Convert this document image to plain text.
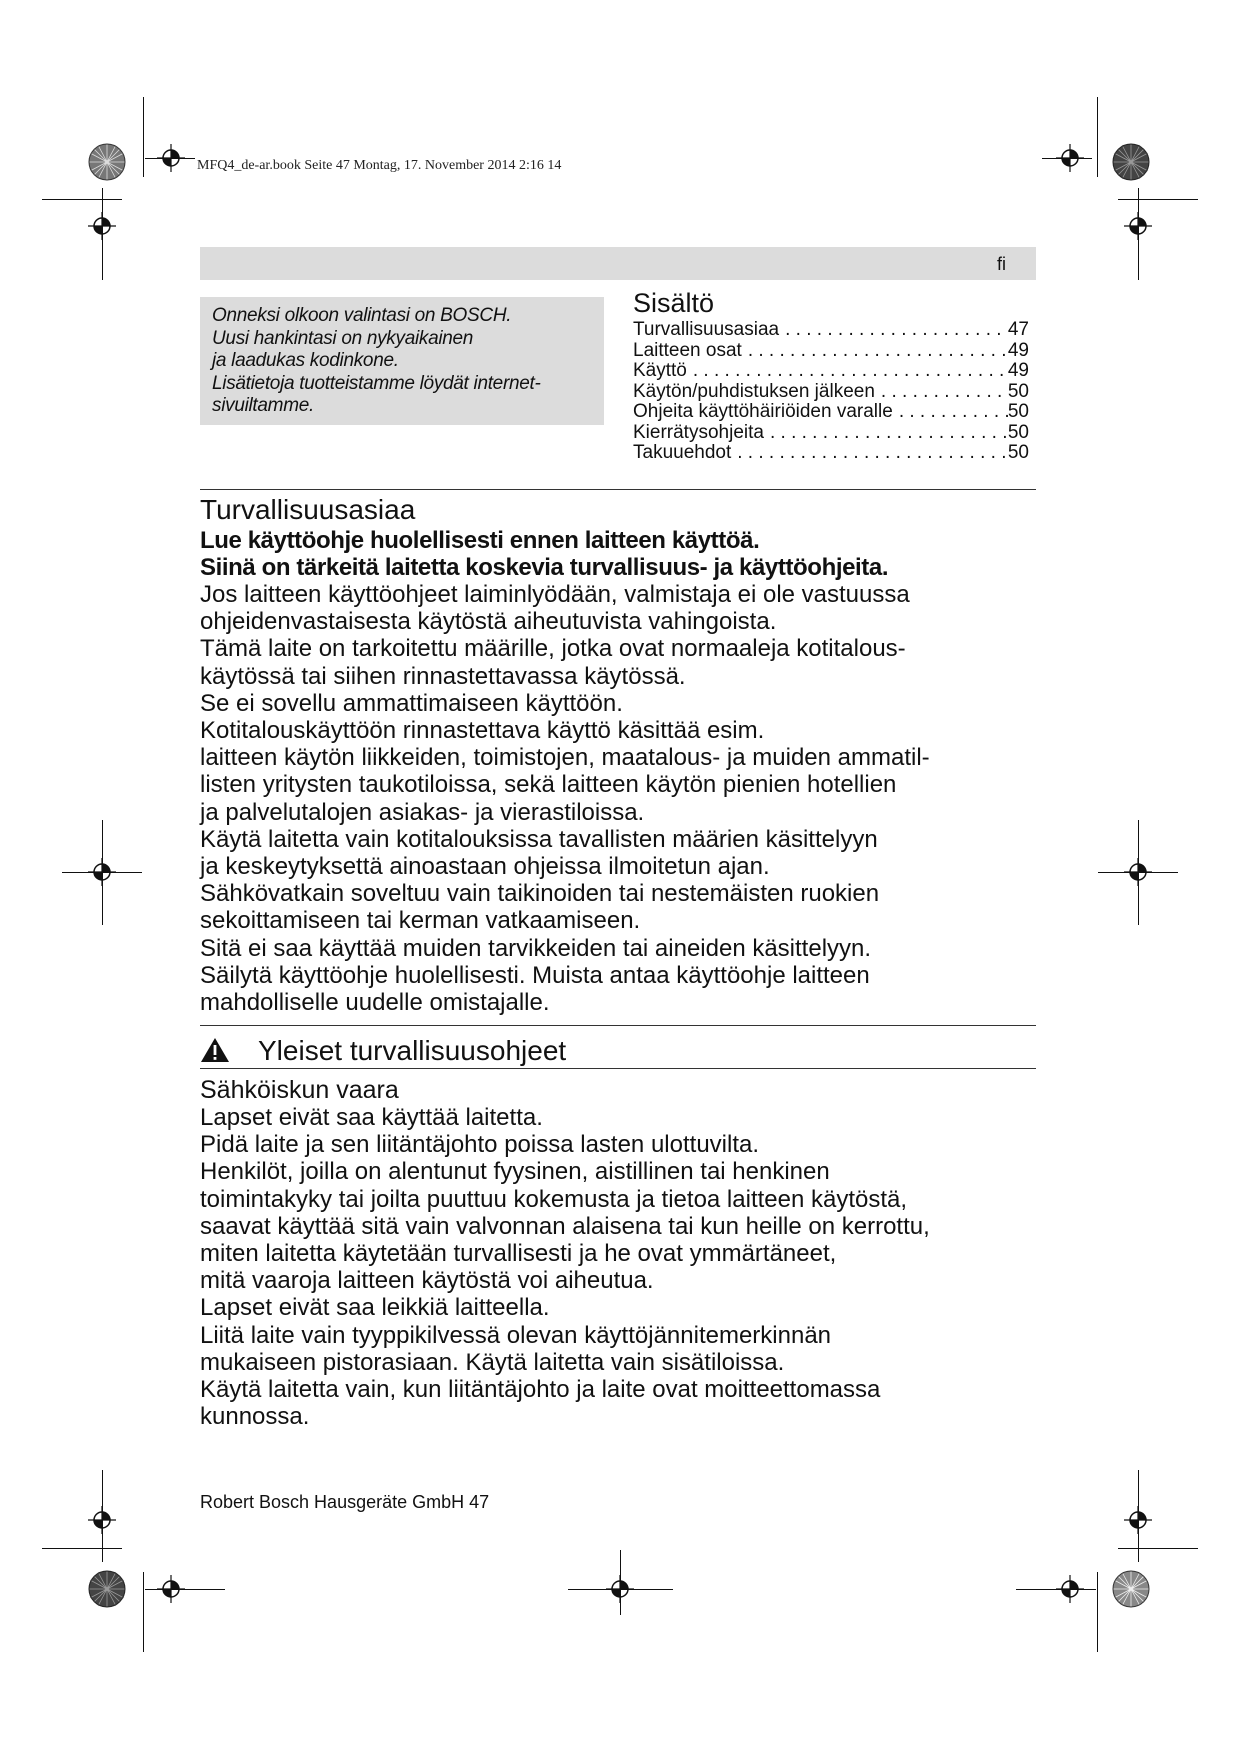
MFQ4_de-ar.book Seite 47 Montag, 17. November 2014 2:16 14
fi
Onneksi olkoon valintasi on BOSCH.
Uusi hankintasi on nykyaikainen
ja laadukas kodinkone.
Lisätietoja tuotteistamme löydät internet-
sivuiltamme.
Sisältö
Turvallisuusasiaa . . .	47
Laitteen osat . . .	49
Käyttö . . .	49
Käytön/puhdistuksen jälkeen . . .	50
Ohjeita käyttöhäiriöiden varalle . . .	50
Kierrätysohjeita . . .	50
Takuuehdot . . .	50
Turvallisuusasiaa
Lue käyttöohje huolellisesti ennen laitteen käyttöä.
Siinä on tärkeitä laitetta koskevia turvallisuus- ja käyttöohjeita.
Jos laitteen käyttöohjeet laiminlyödään, valmistaja ei ole vastuussa
ohjeidenvastaisesta käytöstä aiheutuvista vahingoista.
Tämä laite on tarkoitettu määrille, jotka ovat normaaleja kotitalous-
käytössä tai siihen rinnastettavassa käytössä.
Se ei sovellu ammattimaiseen käyttöön.
Kotitalouskäyttöön rinnastettava käyttö käsittää esim.
laitteen käytön liikkeiden, toimistojen, maatalous- ja muiden ammatil-
listen yritysten taukotiloissa, sekä laitteen käytön pienien hotellien
ja palvelutalojen asiakas- ja vierastiloissa.
Käytä laitetta vain kotitalouksissa tavallisten määrien käsittelyyn
ja keskeytyksettä ainoastaan ohjeissa ilmoitetun ajan.
Sähkövatkain soveltuu vain taikinoiden tai nestemäisten ruokien
sekoittamiseen tai kerman vatkaamiseen.
Sitä ei saa käyttää muiden tarvikkeiden tai aineiden käsittelyyn.
Säilytä käyttöohje huolellisesti. Muista antaa käyttöohje laitteen
mahdolliselle uudelle omistajalle.
Yleiset turvallisuusohjeet
Sähköiskun vaara
Lapset eivät saa käyttää laitetta.
Pidä laite ja sen liitäntäjohto poissa lasten ulottuvilta.
Henkilöt, joilla on alentunut fyysinen, aistillinen tai henkinen
toimintakyky tai joilta puuttuu kokemusta ja tietoa laitteen käytöstä,
saavat käyttää sitä vain valvonnan alaisena tai kun heille on kerrottu,
miten laitetta käytetään turvallisesti ja he ovat ymmärtäneet,
mitä vaaroja laitteen käytöstä voi aiheutua.
Lapset eivät saa leikkiä laitteella.
Liitä laite vain tyyppikilvessä olevan käyttöjännitemerkinnän
mukaiseen pistorasiaan. Käytä laitetta vain sisätiloissa.
Käytä laitetta vain, kun liitäntäjohto ja laite ovat moitteettomassa
kunnossa.
Robert Bosch Hausgeräte GmbH 47
